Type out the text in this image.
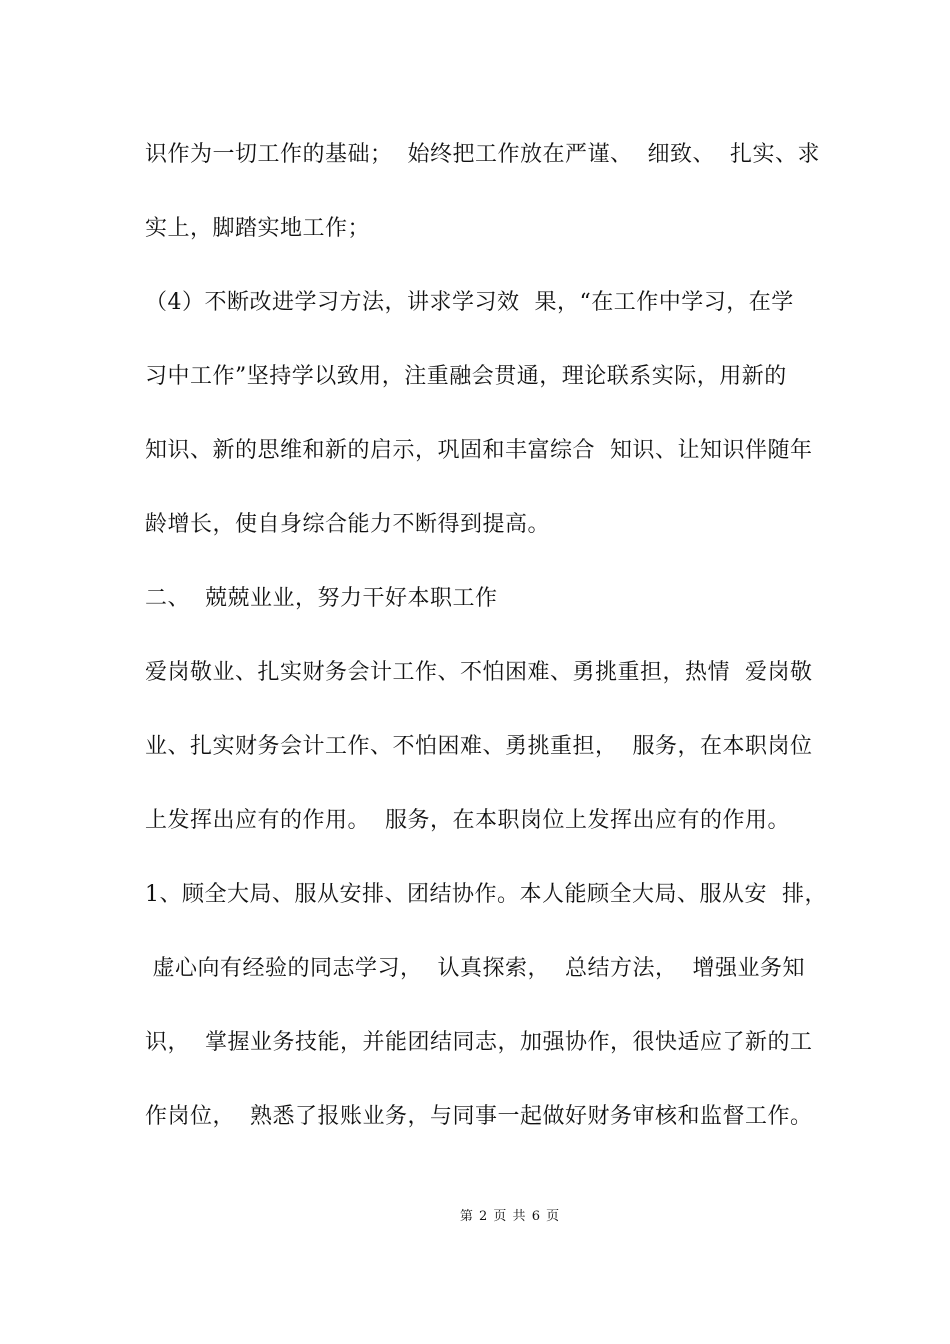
识作为一切工作的基础；  始终把工作放在严谨、  细致、  扎实、求
实上，脚踏实地工作；
（4）不断改进学习方法，讲求学习效  果，“在工作中学习，在学
习中工作”坚持学以致用，注重融会贯通，理论联系实际，用新的
知识、新的思维和新的启示，巩固和丰富综合  知识、让知识伴随年
龄增长，使自身综合能力不断得到提高。
二、  兢兢业业，努力干好本职工作
爱岗敬业、扎实财务会计工作、不怕困难、勇挑重担，热情  爱岗敬
业、扎实财务会计工作、不怕困难、勇挑重担，  服务，在本职岗位
上发挥出应有的作用。  服务，在本职岗位上发挥出应有的作用。
1、顾全大局、服从安排、团结协作。本人能顾全大局、服从安  排，
虚心向有经验的同志学习，  认真探索，  总结方法，  增强业务知
识，  掌握业务技能，并能团结同志，加强协作，很快适应了新的工
作岗位，  熟悉了报账业务，与同事一起做好财务审核和监督工作。
第 2 页 共 6 页
